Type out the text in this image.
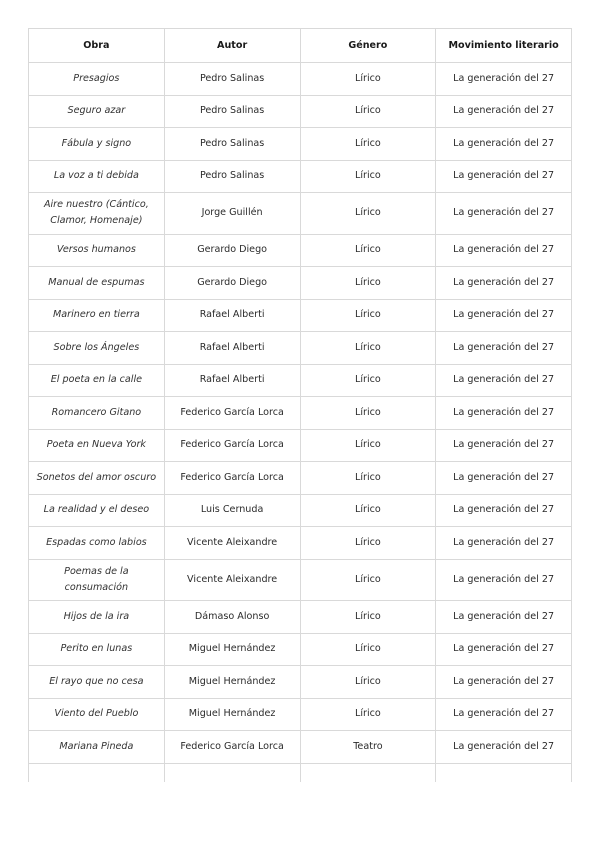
Obra	Autor	Género	Movimiento literario
Presagios	Pedro Salinas	Lírico	La generación del 27
Seguro azar	Pedro Salinas	Lírico	La generación del 27
Fábula y signo	Pedro Salinas	Lírico	La generación del 27
La voz a ti debida	Pedro Salinas	Lírico	La generación del 27
Aire nuestro (Cántico, Clamor, Homenaje)	Jorge Guillén	Lírico	La generación del 27
Versos humanos	Gerardo Diego	Lírico	La generación del 27
Manual de espumas	Gerardo Diego	Lírico	La generación del 27
Marinero en tierra	Rafael Alberti	Lírico	La generación del 27
Sobre los Ángeles	Rafael Alberti	Lírico	La generación del 27
El poeta en la calle	Rafael Alberti	Lírico	La generación del 27
Romancero Gitano	Federico García Lorca	Lírico	La generación del 27
Poeta en Nueva York	Federico García Lorca	Lírico	La generación del 27
Sonetos del amor oscuro	Federico García Lorca	Lírico	La generación del 27
La realidad y el deseo	Luis Cernuda	Lírico	La generación del 27
Espadas como labios	Vicente Aleixandre	Lírico	La generación del 27
Poemas de la consumación	Vicente Aleixandre	Lírico	La generación del 27
Hijos de la ira	Dámaso Alonso	Lírico	La generación del 27
Perito en lunas	Miguel Hernández	Lírico	La generación del 27
El rayo que no cesa	Miguel Hernández	Lírico	La generación del 27
Viento del Pueblo	Miguel Hernández	Lírico	La generación del 27
Mariana Pineda	Federico García Lorca	Teatro	La generación del 27
